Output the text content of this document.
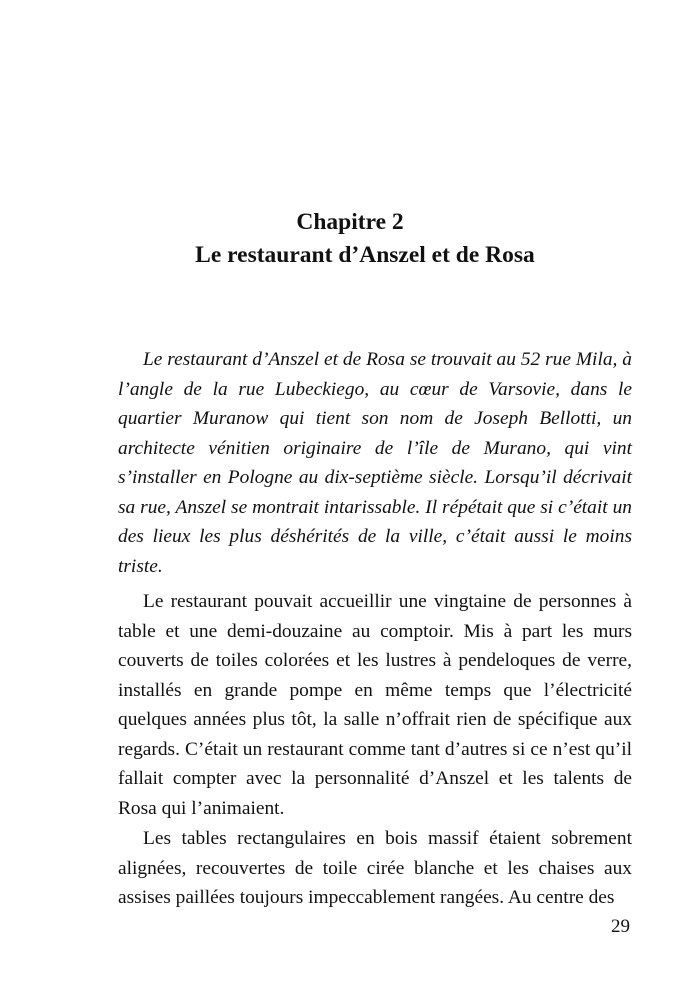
Chapitre 2
Le restaurant d’Anszel et de Rosa

Le restaurant d’Anszel et de Rosa se trouvait au 52 rue Mila, à l’angle de la rue Lubeckiego, au cœur de Varsovie, dans le quartier Muranow qui tient son nom de Joseph Bellotti, un architecte vénitien originaire de l’île de Murano, qui vint s’installer en Pologne au dix-septième siècle. Lorsqu’il décrivait sa rue, Anszel se montrait intarissable. Il répétait que si c’était un des lieux les plus déshérités de la ville, c’était aussi le moins triste.

Le restaurant pouvait accueillir une vingtaine de personnes à table et une demi-douzaine au comptoir. Mis à part les murs couverts de toiles colorées et les lustres à pendeloques de verre, installés en grande pompe en même temps que l’électricité quelques années plus tôt, la salle n’offrait rien de spécifique aux regards. C’était un restaurant comme tant d’autres si ce n’est qu’il fallait compter avec la personnalité d’Anszel et les talents de Rosa qui l’animaient.

Les tables rectangulaires en bois massif étaient sobrement alignées, recouvertes de toile cirée blanche et les chaises aux assises paillées toujours impeccablement rangées. Au centre des

29
